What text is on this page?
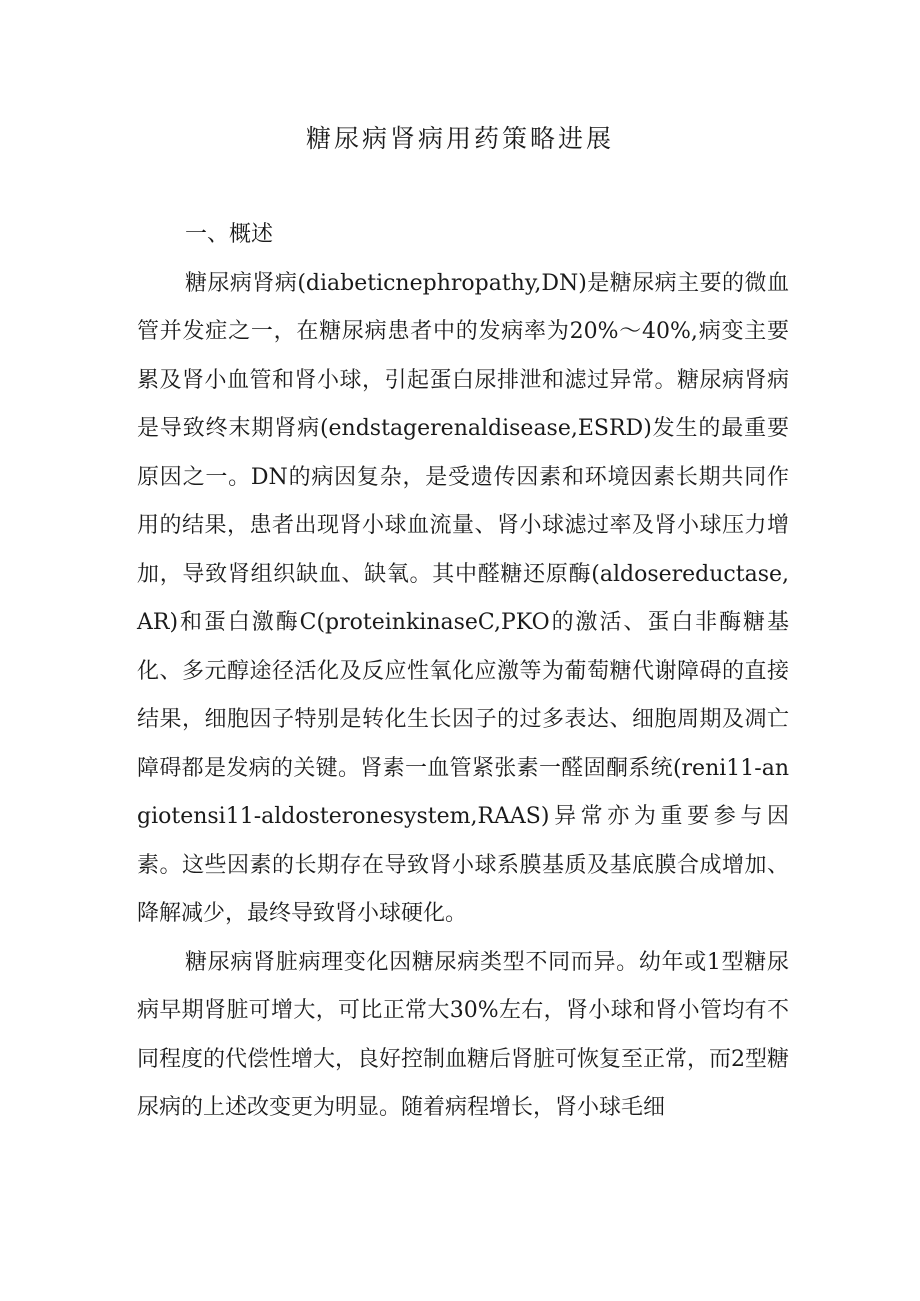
糖尿病肾病用药策略进展
一、概述

糖尿病肾病(diabeticnephropathy,DN)是糖尿病主要的微血管并发症之一，在糖尿病患者中的发病率为20%～40%,病变主要累及肾小血管和肾小球，引起蛋白尿排泄和滤过异常。糖尿病肾病是导致终末期肾病(endstagerenaldisease,ESRD)发生的最重要原因之一。DN的病因复杂，是受遗传因素和环境因素长期共同作用的结果，患者出现肾小球血流量、肾小球滤过率及肾小球压力增加，导致肾组织缺血、缺氧。其中醛糖还原酶(aldosereductase,AR)和蛋白激酶C(proteinkinaseC,PKO的激活、蛋白非酶糖基化、多元醇途径活化及反应性氧化应激等为葡萄糖代谢障碍的直接结果，细胞因子特别是转化生长因子的过多表达、细胞周期及凋亡障碍都是发病的关键。肾素一血管紧张素一醛固酮系统(reni11-angiotensi11-aldosteronesystem,RAAS)异常亦为重要参与因素。这些因素的长期存在导致肾小球系膜基质及基底膜合成增加、降解减少，最终导致肾小球硬化。

糖尿病肾脏病理变化因糖尿病类型不同而异。幼年或1型糖尿病早期肾脏可增大，可比正常大30%左右，肾小球和肾小管均有不同程度的代偿性增大，良好控制血糖后肾脏可恢复至正常，而2型糖尿病的上述改变更为明显。随着病程增长，肾小球毛细
